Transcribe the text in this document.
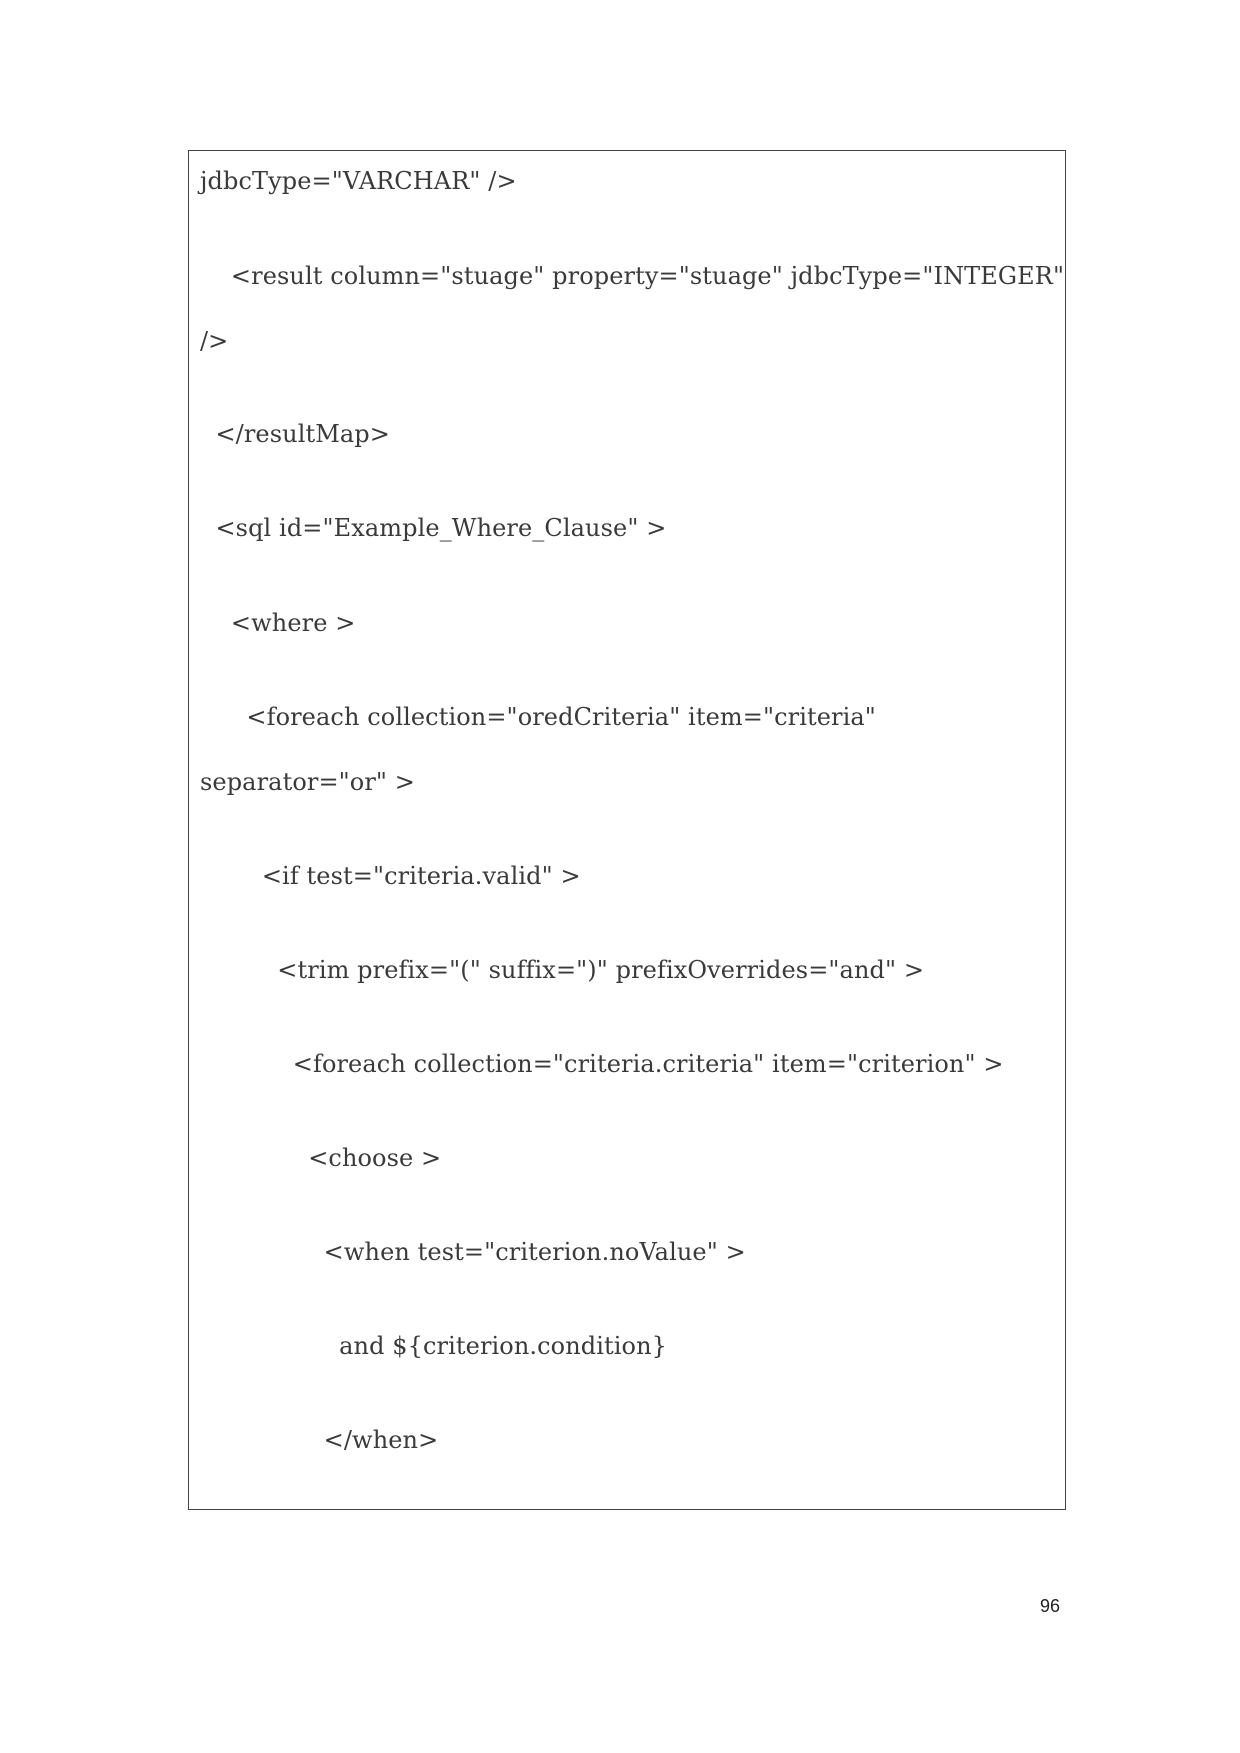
jdbcType="VARCHAR" />
<result column="stuage" property="stuage" jdbcType="INTEGER"
/>
</resultMap>
<sql id="Example_Where_Clause" >
<where >
<foreach collection="oredCriteria" item="criteria"
separator="or" >
<if test="criteria.valid" >
<trim prefix="(" suffix=")" prefixOverrides="and" >
<foreach collection="criteria.criteria" item="criterion" >
<choose >
<when test="criterion.noValue" >
and ${criterion.condition}
</when>
96
